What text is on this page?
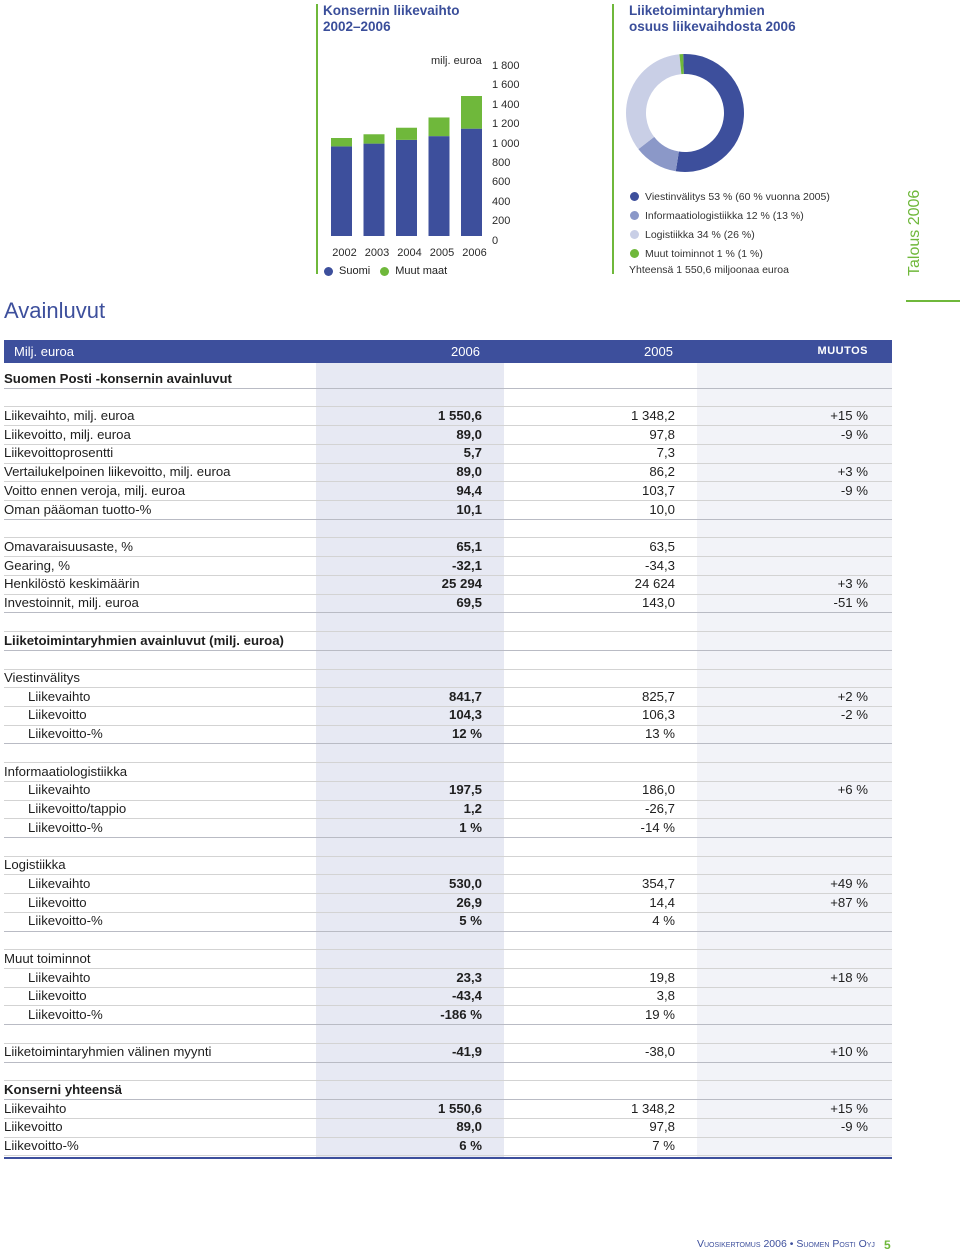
Konsernin liikevaihto
2002–2006
2002 2003 2004 2005 2006
milj. euroa 1 800
1 600
1 400
1 200
1 000
800
600
400
200
0
Suomi Muut maat
Liiketoimintaryhmien
osuus liikevaihdosta 2006
Viestinvälitys 53 % (60 % vuonna 2005)
Informaatiologistiikka 12 % (13 %)
Logistiikka 34 % (26 %)
Muut toiminnot 1 % (1 %)
Yhteensä 1 550,6 miljoonaa euroa	Talous 2006
Avainluvut
Milj. euroa	2006	2005	MUUTOS
Suomen Posti -konsernin avainluvut
Liikevaihto, milj. euroa	1 550,6	1 348,2	+15 %
Liikevoitto, milj. euroa	89,0	97,8	-9 %
Liikevoittoprosentti	5,7	7,3
Vertailukelpoinen liikevoitto, milj. euroa	89,0	86,2	+3 %
Voitto ennen veroja, milj. euroa	94,4	103,7	-9 %
Oman pääoman tuotto-%	10,1	10,0
Omavaraisuusaste, %	65,1	63,5
Gearing, %	-32,1	-34,3
Henkilöstö keskimäärin	25 294	24 624	+3 %
Investoinnit, milj. euroa	69,5	143,0	-51 %
Liiketoimintaryhmien avainluvut (milj. euroa)
Viestinvälitys
Liikevaihto	841,7	825,7	+2 %
Liikevoitto	104,3	106,3	-2 %
Liikevoitto-%	12 %	13 %
Informaatiologistiikka
Liikevaihto	197,5	186,0	+6 %
Liikevoitto/tappio	1,2	-26,7
Liikevoitto-%	1 %	-14 %
Logistiikka
Liikevaihto	530,0	354,7	+49 %
Liikevoitto	26,9	14,4	+87 %
Liikevoitto-%	5 %	4 %
Muut toiminnot
Liikevaihto	23,3	19,8	+18 %
Liikevoitto	-43,4	3,8
Liikevoitto-%	-186 %	19 %
Liiketoimintaryhmien välinen myynti	-41,9	-38,0	+10 %
Konserni yhteensä
Liikevaihto	1 550,6	1 348,2	+15 %
Liikevoitto	89,0	97,8	-9 %
Liikevoitto-%	6 %	7 %
Vuosikertomus 2006 • Suomen Posti Oyj 5
